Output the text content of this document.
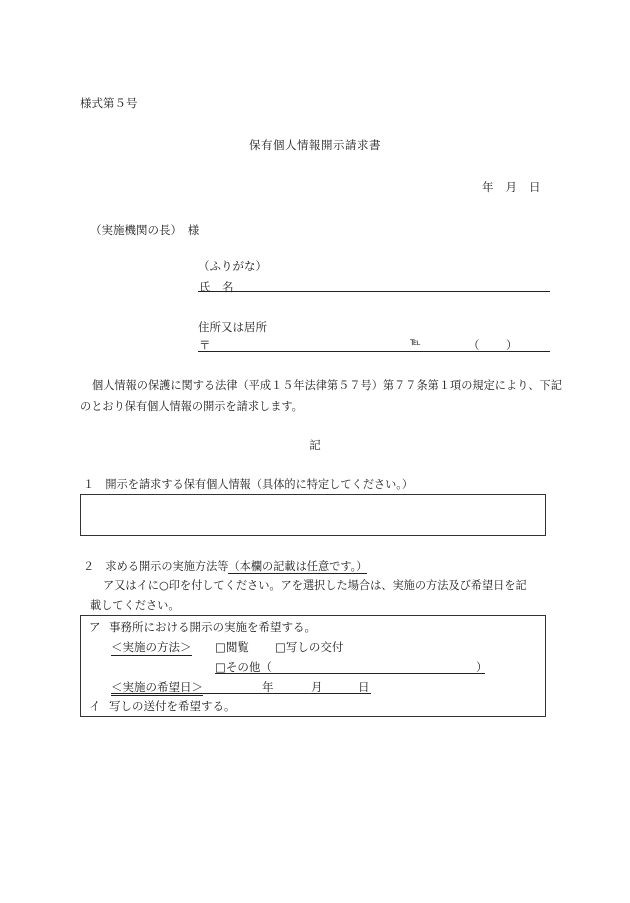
様式第５号
保有個人情報開示請求書
年 月 日
（実施機関の長）　様
（ふりがな）
氏　名
住所又は居所
〒	℡	（ ）
個人情報の保護に関する法律（平成１５年法律第５７号）第７７条第１項の規定により、下記
のとおり保有個人情報の開示を請求します。
記
１　開示を請求する保有個人情報（具体的に特定してください。）
２　求める開示の実施方法等（本欄の記載は任意です。）
ア又はイに○印を付してください。アを選択した場合は、実施の方法及び希望日を記
載してください。
ア 事務所における開示の実施を希望する。
＜実施の方法＞ □閲覧 □写しの交付
□その他（	）
＜実施の希望日＞	年	月	日
イ 写しの送付を希望する。
